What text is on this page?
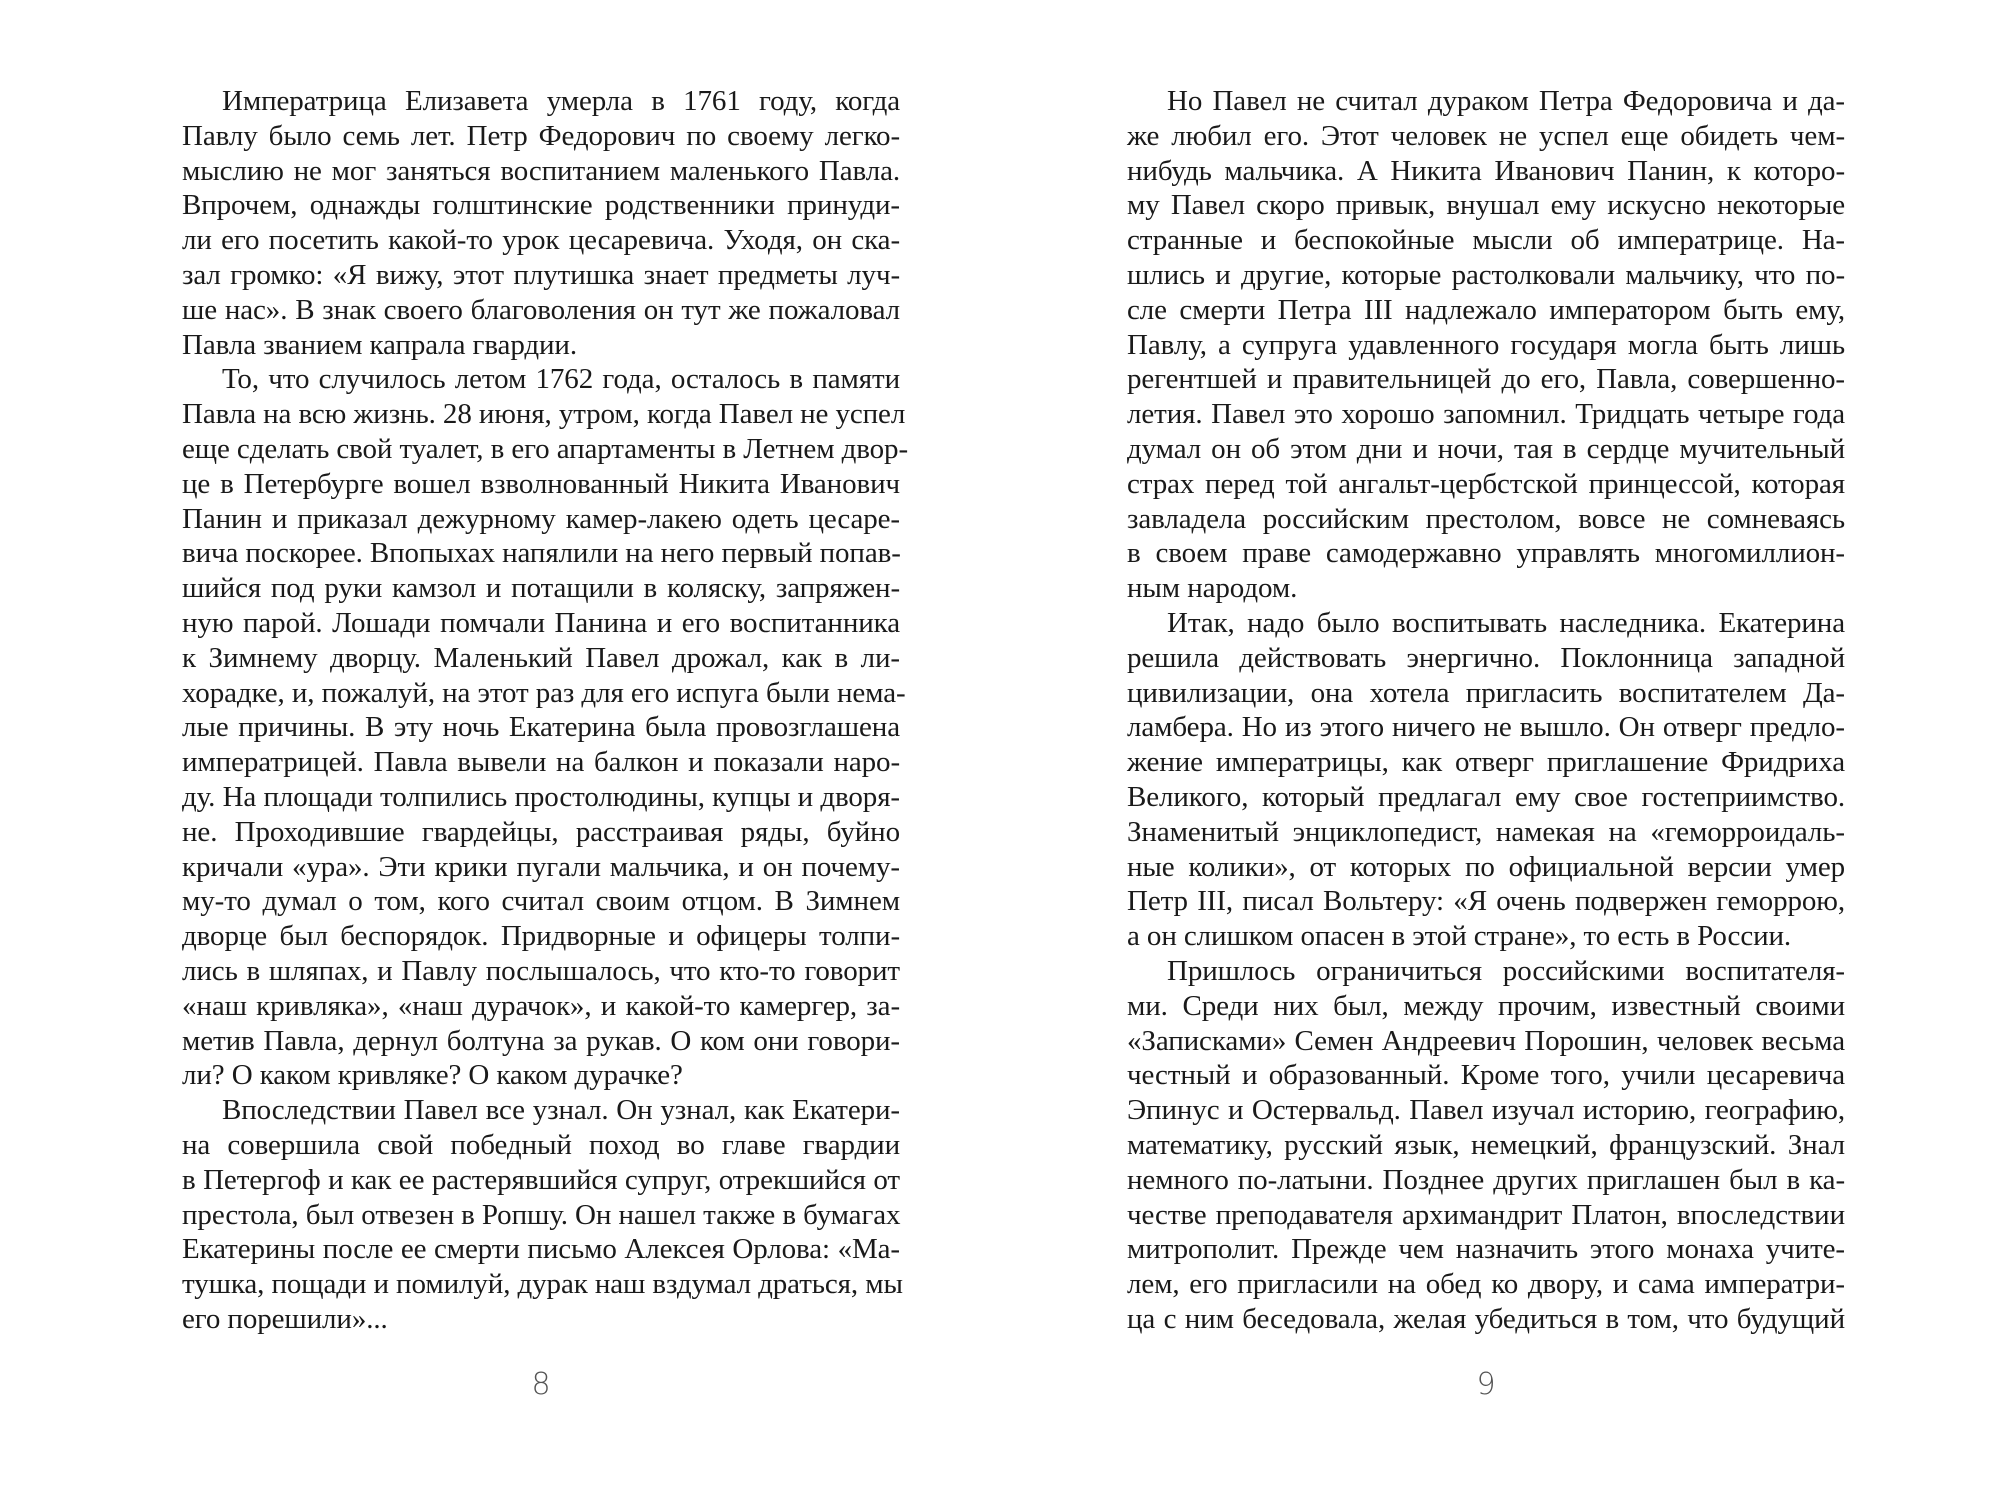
Императрица Елизавета умерла в 1761 году, когда
Павлу было семь лет. Петр Федорович по своему легко-
мыслию не мог заняться воспитанием маленького Павла.
Впрочем, однажды голштинские родственники принуди-
ли его посетить какой-то урок цесаревича. Уходя, он ска-
зал громко: «Я вижу, этот плутишка знает предметы луч-
ше нас». В знак своего благоволения он тут же пожаловал
Павла званием капрала гвардии.
То, что случилось летом 1762 года, осталось в памяти
Павла на всю жизнь. 28 июня, утром, когда Павел не успел
еще сделать свой туалет, в его апартаменты в Летнем двор-
це в Петербурге вошел взволнованный Никита Иванович
Панин и приказал дежурному камер-лакею одеть цесаре-
вича поскорее. Впопыхах напялили на него первый попав-
шийся под руки камзол и потащили в коляску, запряжен-
ную парой. Лошади помчали Панина и его воспитанника
к Зимнему дворцу. Маленький Павел дрожал, как в ли-
хорадке, и, пожалуй, на этот раз для его испуга были нема-
лые причины. В эту ночь Екатерина была провозглашена
императрицей. Павла вывели на балкон и показали наро-
ду. На площади толпились простолюдины, купцы и дворя-
не. Проходившие гвардейцы, расстраивая ряды, буйно
кричали «ура». Эти крики пугали мальчика, и он почему-
му-то думал о том, кого считал своим отцом. В Зимнем
дворце был беспорядок. Придворные и офицеры толпи-
лись в шляпах, и Павлу послышалось, что кто-то говорит
«наш кривляка», «наш дурачок», и какой-то камергер, за-
метив Павла, дернул болтуна за рукав. О ком они говори-
ли? О каком кривляке? О каком дурачке?
Впоследствии Павел все узнал. Он узнал, как Екатери-
на совершила свой победный поход во главе гвардии
в Петергоф и как ее растерявшийся супруг, отрекшийся от
престола, был отвезен в Ропшу. Он нашел также в бумагах
Екатерины после ее смерти письмо Алексея Орлова: «Ма-
тушка, пощади и помилуй, дурак наш вздумал драться, мы
его порешили»...
8
Но Павел не считал дураком Петра Федоровича и да-
же любил его. Этот человек не успел еще обидеть чем-
нибудь мальчика. А Никита Иванович Панин, к которо-
му Павел скоро привык, внушал ему искусно некоторые
странные и беспокойные мысли об императрице. На-
шлись и другие, которые растолковали мальчику, что по-
сле смерти Петра III надлежало императором быть ему,
Павлу, а супруга удавленного государя могла быть лишь
регентшей и правительницей до его, Павла, совершенно-
летия. Павел это хорошо запомнил. Тридцать четыре года
думал он об этом дни и ночи, тая в сердце мучительный
страх перед той ангальт-цербстской принцессой, которая
завладела российским престолом, вовсе не сомневаясь
в своем праве самодержавно управлять многомиллион-
ным народом.
Итак, надо было воспитывать наследника. Екатерина
решила действовать энергично. Поклонница западной
цивилизации, она хотела пригласить воспитателем Да-
ламбера. Но из этого ничего не вышло. Он отверг предло-
жение императрицы, как отверг приглашение Фридриха
Великого, который предлагал ему свое гостеприимство.
Знаменитый энциклопедист, намекая на «геморроидаль-
ные колики», от которых по официальной версии умер
Петр III, писал Вольтеру: «Я очень подвержен геморрою,
а он слишком опасен в этой стране», то есть в России.
Пришлось ограничиться российскими воспитателя-
ми. Среди них был, между прочим, известный своими
«Записками» Семен Андреевич Порошин, человек весьма
честный и образованный. Кроме того, учили цесаревича
Эпинус и Остервальд. Павел изучал историю, географию,
математику, русский язык, немецкий, французский. Знал
немного по-латыни. Позднее других приглашен был в ка-
честве преподавателя архимандрит Платон, впоследствии
митрополит. Прежде чем назначить этого монаха учите-
лем, его пригласили на обед ко двору, и сама императри-
ца с ним беседовала, желая убедиться в том, что будущий
9
